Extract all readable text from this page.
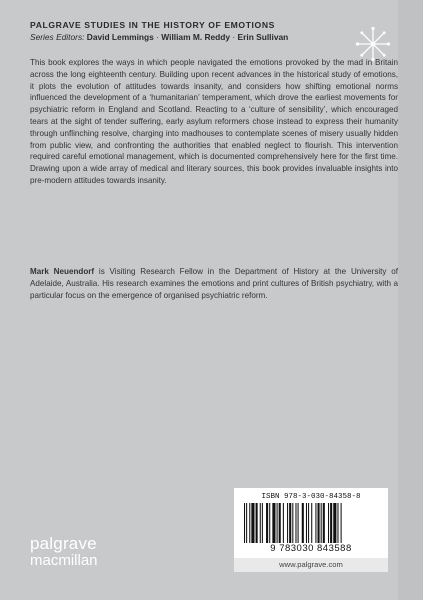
PALGRAVE STUDIES IN THE HISTORY OF EMOTIONS
Series Editors: David Lemmings · William M. Reddy · Erin Sullivan

This book explores the ways in which people navigated the emotions provoked by the mad in Britain across the long eighteenth century. Building upon recent advances in the historical study of emotions, it plots the evolution of attitudes towards insanity, and considers how shifting emotional norms influenced the development of a ‘humanitarian’ temperament, which drove the earliest movements for psychiatric reform in England and Scotland. Reacting to a ‘culture of sensibility’, which encouraged tears at the sight of tender suffering, early asylum reformers chose instead to express their humanity through unflinching resolve, charging into madhouses to contemplate scenes of misery usually hidden from public view, and confronting the authorities that enabled neglect to flourish. This intervention required careful emotional management, which is documented comprehensively here for the first time. Drawing upon a wide array of medical and literary sources, this book provides invaluable insights into pre-modern attitudes towards insanity.

Mark Neuendorf is Visiting Research Fellow in the Department of History at the University of Adelaide, Australia. His research examines the emotions and print cultures of British psychiatry, with a particular focus on the emergence of organised psychiatric reform.

ISBN 978-3-030-84358-8
9 783030 843588
www.palgrave.com
palgrave
macmillan
